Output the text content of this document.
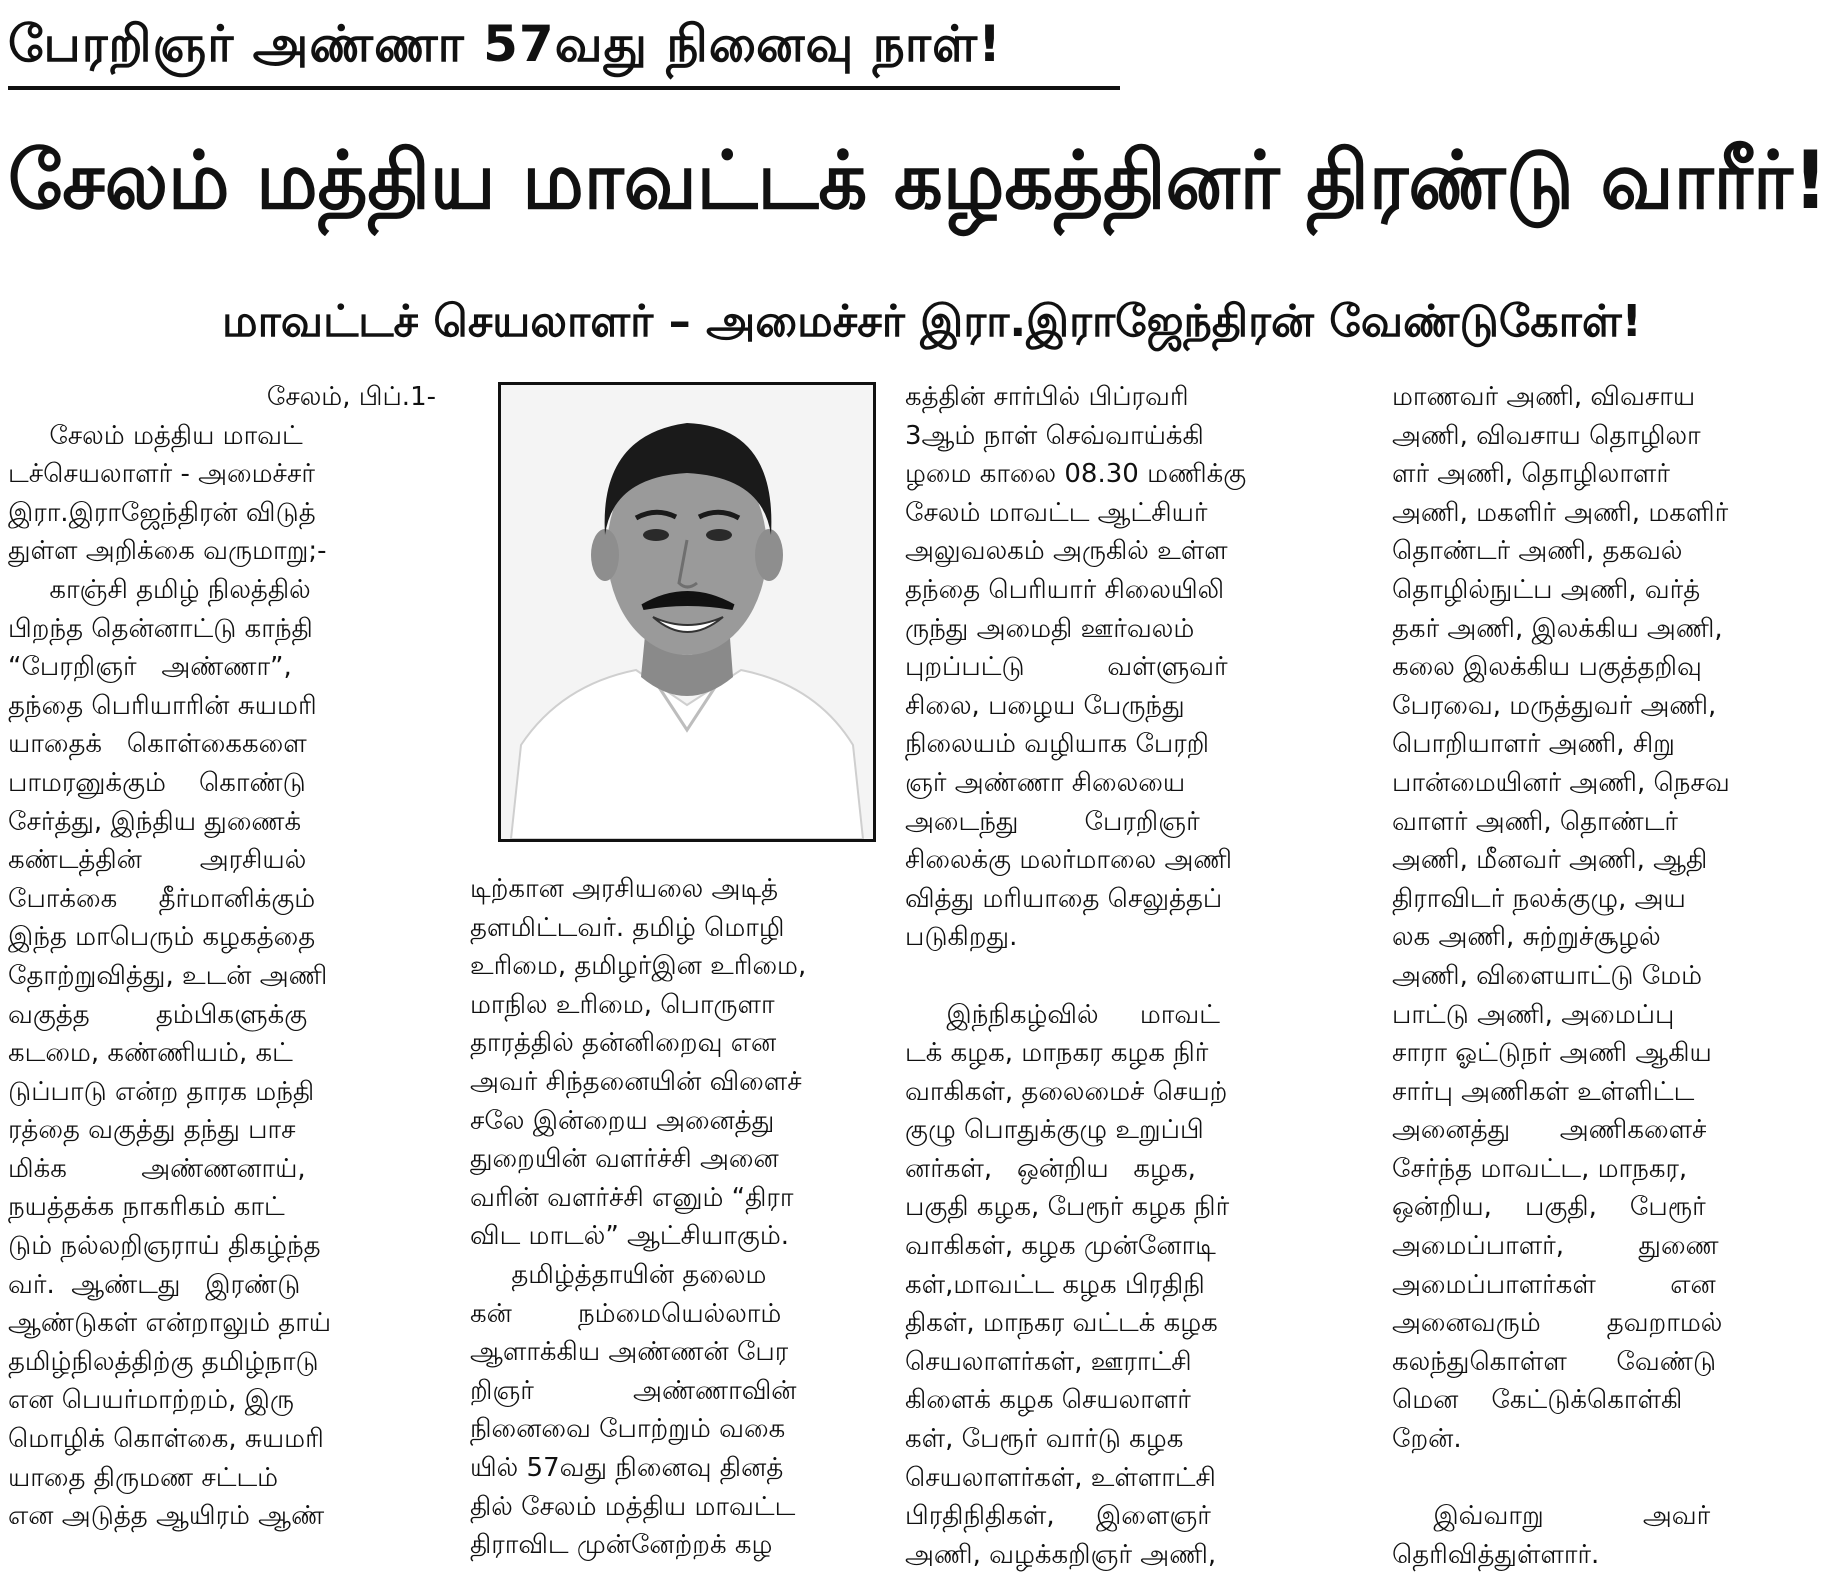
பேரறிஞர் அண்ணா 57வது நினைவு நாள்!
சேலம் மத்திய மாவட்டக் கழகத்தினர் திரண்டு வாரீர்!
மாவட்டச் செயலாளர் – அமைச்சர் இரா.இராஜேந்திரன் வேண்டுகோள்!

சேலம், பிப்.1-

சேலம் மத்திய மாவட்

டச்செயலாளர் - அமைச்சர்

இரா.இராஜேந்திரன் விடுத்

துள்ள அறிக்கை வருமாறு;-

காஞ்சி தமிழ் நிலத்தில்

பிறந்த தென்னாட்டு காந்தி

“பேரறிஞர்   அண்ணா”,

தந்தை பெரியாரின் சுயமரி

யாதைக்   கொள்கைகளை

பாமரனுக்கும்    கொண்டு

சேர்த்து, இந்திய துணைக்

கண்டத்தின்       அரசியல்

போக்கை     தீர்மானிக்கும்

இந்த மாபெரும் கழகத்தை

தோற்றுவித்து, உடன் அணி

வகுத்த        தம்பிகளுக்கு

கடமை, கண்ணியம், கட்

டுப்பாடு என்ற தாரக மந்தி

ரத்தை வகுத்து தந்து பாச

மிக்க         அண்ணனாய்,

நயத்தக்க நாகரிகம் காட்

டும் நல்லறிஞராய் திகழ்ந்த

வர்.  ஆண்டது   இரண்டு

ஆண்டுகள் என்றாலும் தாய்

தமிழ்நிலத்திற்கு தமிழ்நாடு

என பெயர்மாற்றம், இரு

மொழிக் கொள்கை, சுயமரி

யாதை திருமண சட்டம்

என அடுத்த ஆயிரம் ஆண்

டிற்கான அரசியலை அடித்

தளமிட்டவர். தமிழ் மொழி

உரிமை, தமிழர்இன உரிமை,

மாநில உரிமை, பொருளா

தாரத்தில் தன்னிறைவு என

அவர் சிந்தனையின் விளைச்

சலே இன்றைய அனைத்து

துறையின் வளர்ச்சி அனை

வரின் வளர்ச்சி எனும் “திரா

விட மாடல்” ஆட்சியாகும்.

தமிழ்த்தாயின் தலைம

கன்        நம்மையெல்லாம்

ஆளாக்கிய அண்ணன் பேர

றிஞர்            அண்ணாவின்

நினைவை போற்றும் வகை

யில் 57வது நினைவு தினத்

தில் சேலம் மத்திய மாவட்ட

திராவிட முன்னேற்றக் கழ

கத்தின் சார்பில் பிப்ரவரி

3ஆம் நாள் செவ்வாய்க்கி

ழமை காலை 08.30 மணிக்கு

சேலம் மாவட்ட ஆட்சியர்

அலுவலகம் அருகில் உள்ள

தந்தை பெரியார் சிலையிலி

ருந்து அமைதி ஊர்வலம்

புறப்பட்டு          வள்ளுவர்

சிலை, பழைய பேருந்து

நிலையம் வழியாக பேரறி

ஞர் அண்ணா சிலையை

அடைந்து        பேரறிஞர்

சிலைக்கு மலர்மாலை அணி

வித்து மரியாதை செலுத்தப்

படுகிறது.

இந்நிகழ்வில்     மாவட்

டக் கழக, மாநகர கழக நிர்

வாகிகள், தலைமைச் செயற்

குழு பொதுக்குழு உறுப்பி

னர்கள்,   ஒன்றிய   கழக,

பகுதி கழக, பேரூர் கழக நிர்

வாகிகள், கழக முன்னோடி

கள்,மாவட்ட கழக பிரதிநி

திகள், மாநகர வட்டக் கழக

செயலாளர்கள், ஊராட்சி

கிளைக் கழக செயலாளர்

கள், பேரூர் வார்டு கழக

செயலாளர்கள், உள்ளாட்சி

பிரதிநிதிகள்,     இளைஞர்

அணி, வழக்கறிஞர் அணி,

மாணவர் அணி, விவசாய

அணி, விவசாய தொழிலா

ளர் அணி, தொழிலாளர்

அணி, மகளிர் அணி, மகளிர்

தொண்டர் அணி, தகவல்

தொழில்நுட்ப அணி, வர்த்

தகர் அணி, இலக்கிய அணி,

கலை இலக்கிய பகுத்தறிவு

பேரவை, மருத்துவர் அணி,

பொறியாளர் அணி, சிறு

பான்மையினர் அணி, நெசவ

வாளர் அணி, தொண்டர்

அணி, மீனவர் அணி, ஆதி

திராவிடர் நலக்குழு, அய

லக அணி, சுற்றுச்சூழல்

அணி, விளையாட்டு மேம்

பாட்டு அணி, அமைப்பு

சாரா ஓட்டுநர் அணி ஆகிய

சார்பு அணிகள் உள்ளிட்ட

அனைத்து      அணிகளைச்

சேர்ந்த மாவட்ட, மாநகர,

ஒன்றிய,    பகுதி,    பேரூர்

அமைப்பாளர்,         துணை

அமைப்பாளர்கள்         என

அனைவரும்        தவறாமல்

கலந்துகொள்ள      வேண்டு

மென    கேட்டுக்கொள்கி

றேன்.

இவ்வாறு            அவர்

தெரிவித்துள்ளார்.
